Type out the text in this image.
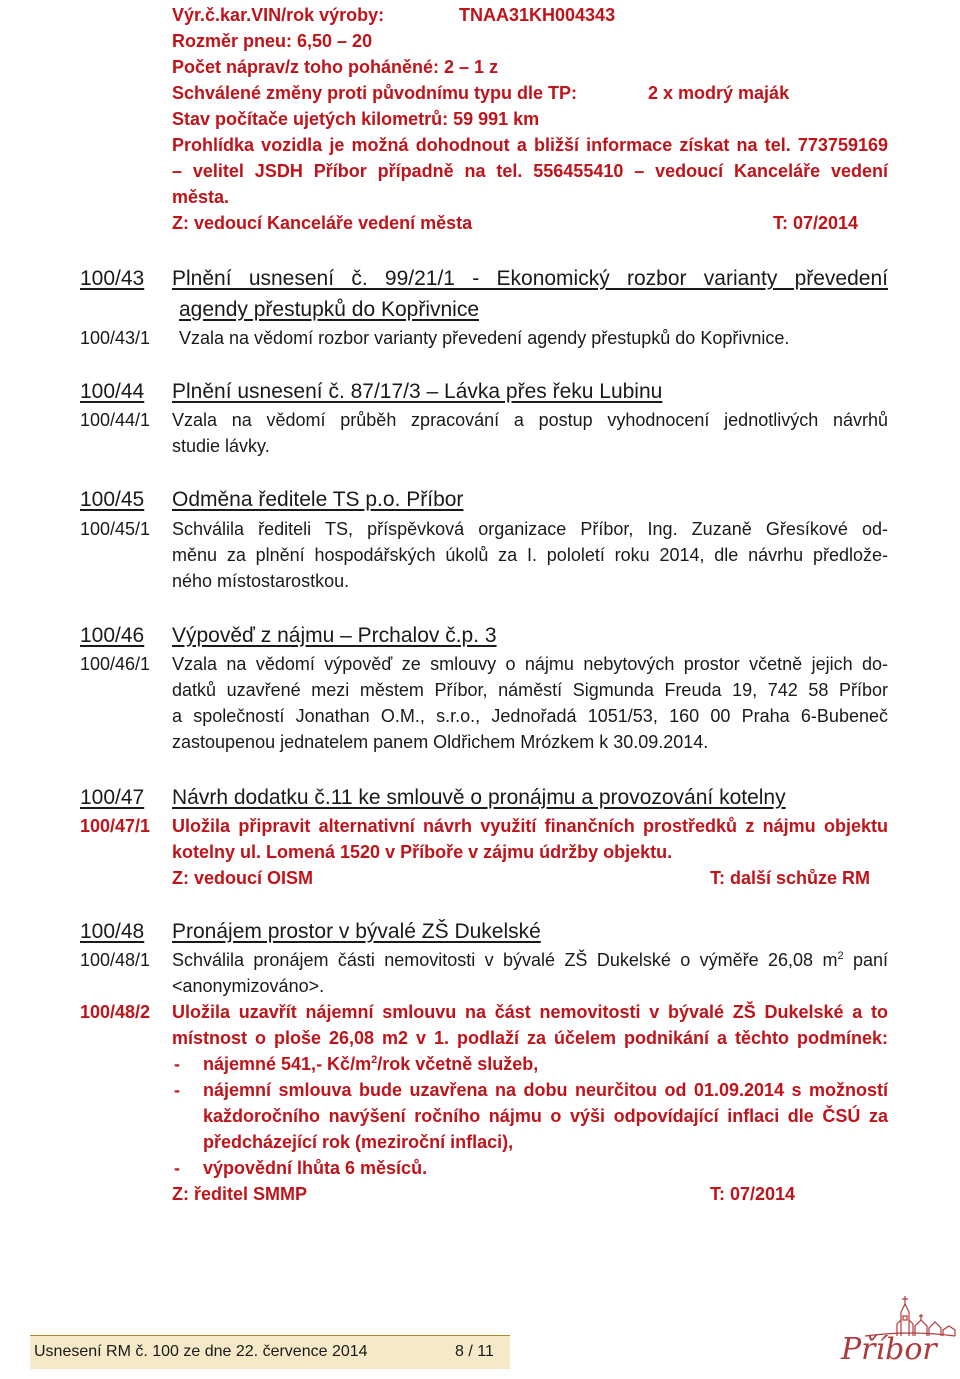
Výr.č.kar.VIN/rok výroby:	TNAA31KH004343
Rozměr pneu: 6,50 – 20
Počet náprav/z toho poháněné: 2 – 1 z
Schválené změny proti původnímu typu dle TP:	2 x modrý maják
Stav počítače ujetých kilometrů: 59 991 km
Prohlídka vozidla je možná dohodnout a bližší informace získat na tel. 773759169
– velitel JSDH Příbor případně na tel. 556455410 – vedoucí Kanceláře vedení
města.
Z: vedoucí Kanceláře vedení města	T: 07/2014
100/43 Plnění usnesení č. 99/21/1 - Ekonomický rozbor varianty převedení
agendy přestupků do Kopřivnice
100/43/1 Vzala na vědomí rozbor varianty převedení agendy přestupků do Kopřivnice.
100/44 Plnění usnesení č. 87/17/3 – Lávka přes řeku Lubinu
100/44/1 Vzala na vědomí průběh zpracování a postup vyhodnocení jednotlivých návrhů
studie lávky.
100/45 Odměna ředitele TS p.o. Příbor
100/45/1 Schválila řediteli TS, příspěvková organizace Příbor, Ing. Zuzaně Gřesíkové od-
měnu za plnění hospodářských úkolů za I. pololetí roku 2014, dle návrhu předlože-
ného místostarostkou.
100/46 Výpověď z nájmu – Prchalov č.p. 3
100/46/1 Vzala na vědomí výpověď ze smlouvy o nájmu nebytových prostor včetně jejich do-
datků uzavřené mezi městem Příbor, náměstí Sigmunda Freuda 19, 742 58 Příbor
a společností Jonathan O.M., s.r.o., Jednořadá 1051/53, 160 00 Praha 6-Bubeneč
zastoupenou jednatelem panem Oldřichem Mrózkem k 30.09.2014.
100/47 Návrh dodatku č.11 ke smlouvě o pronájmu a provozování kotelny
100/47/1 Uložila připravit alternativní návrh využití finančních prostředků z nájmu objektu
kotelny ul. Lomená 1520 v Příboře v zájmu údržby objektu.
Z: vedoucí OISM	T: další schůze RM
100/48 Pronájem prostor v bývalé ZŠ Dukelské
100/48/1 Schválila pronájem části nemovitosti v bývalé ZŠ Dukelské o výměře 26,08 $m^2$ paní
<anonymizováno>.
100/48/2 Uložila uzavřít nájemní smlouvu na část nemovitosti v bývalé ZŠ Dukelské a to
místnost o ploše 26,08 m2 v 1. podlaží za účelem podnikání a těchto podmínek:
- nájemné 541,- $Kč/m^2$/rok včetně služeb,
- nájemní smlouva bude uzavřena na dobu neurčitou od 01.09.2014 s možností
každoročního navýšení ročního nájmu o výši odpovídající inflaci dle ČSÚ za
předcházející rok (meziroční inflaci),
- výpovědní lhůta 6 měsíců.
Z: ředitel SMMP	T: 07/2014
Usnesení RM č. 100 ze dne 22. července 2014	8 / 11	Příbor
